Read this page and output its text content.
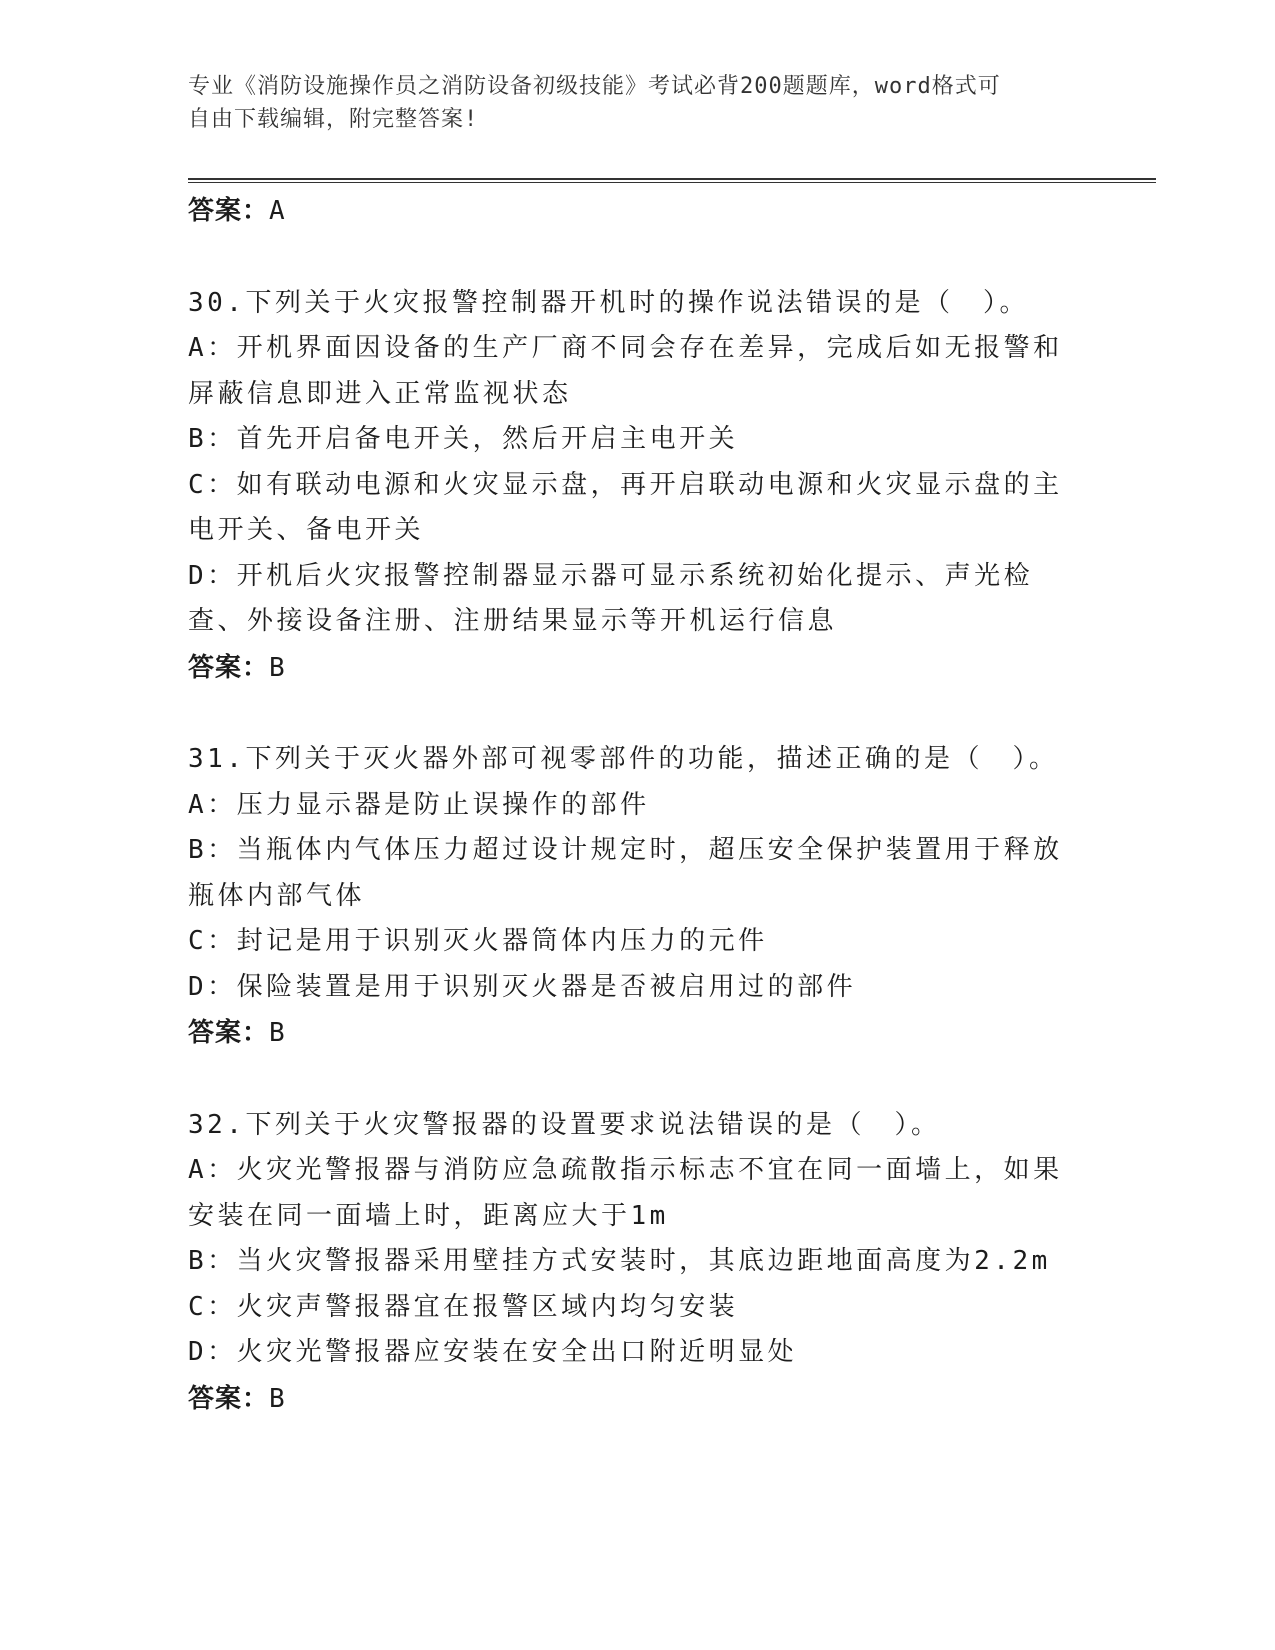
专业《消防设施操作员之消防设备初级技能》考试必背200题题库，word格式可
自由下载编辑，附完整答案!

答案：A

30.下列关于火灾报警控制器开机时的操作说法错误的是（　）。

A：开机界面因设备的生产厂商不同会存在差异，完成后如无报警和屏蔽信息即进入正常监视状态

B：首先开启备电开关，然后开启主电开关

C：如有联动电源和火灾显示盘，再开启联动电源和火灾显示盘的主电开关、备电开关

D：开机后火灾报警控制器显示器可显示系统初始化提示、声光检查、外接设备注册、注册结果显示等开机运行信息

答案：B

31.下列关于灭火器外部可视零部件的功能，描述正确的是（　）。

A：压力显示器是防止误操作的部件

B：当瓶体内气体压力超过设计规定时，超压安全保护装置用于释放瓶体内部气体

C：封记是用于识别灭火器筒体内压力的元件

D：保险装置是用于识别灭火器是否被启用过的部件

答案：B

32.下列关于火灾警报器的设置要求说法错误的是（　）。

A：火灾光警报器与消防应急疏散指示标志不宜在同一面墙上，如果安装在同一面墙上时，距离应大于1m

B：当火灾警报器采用壁挂方式安装时，其底边距地面高度为2.2m

C：火灾声警报器宜在报警区域内均匀安装

D：火灾光警报器应安装在安全出口附近明显处

答案：B
